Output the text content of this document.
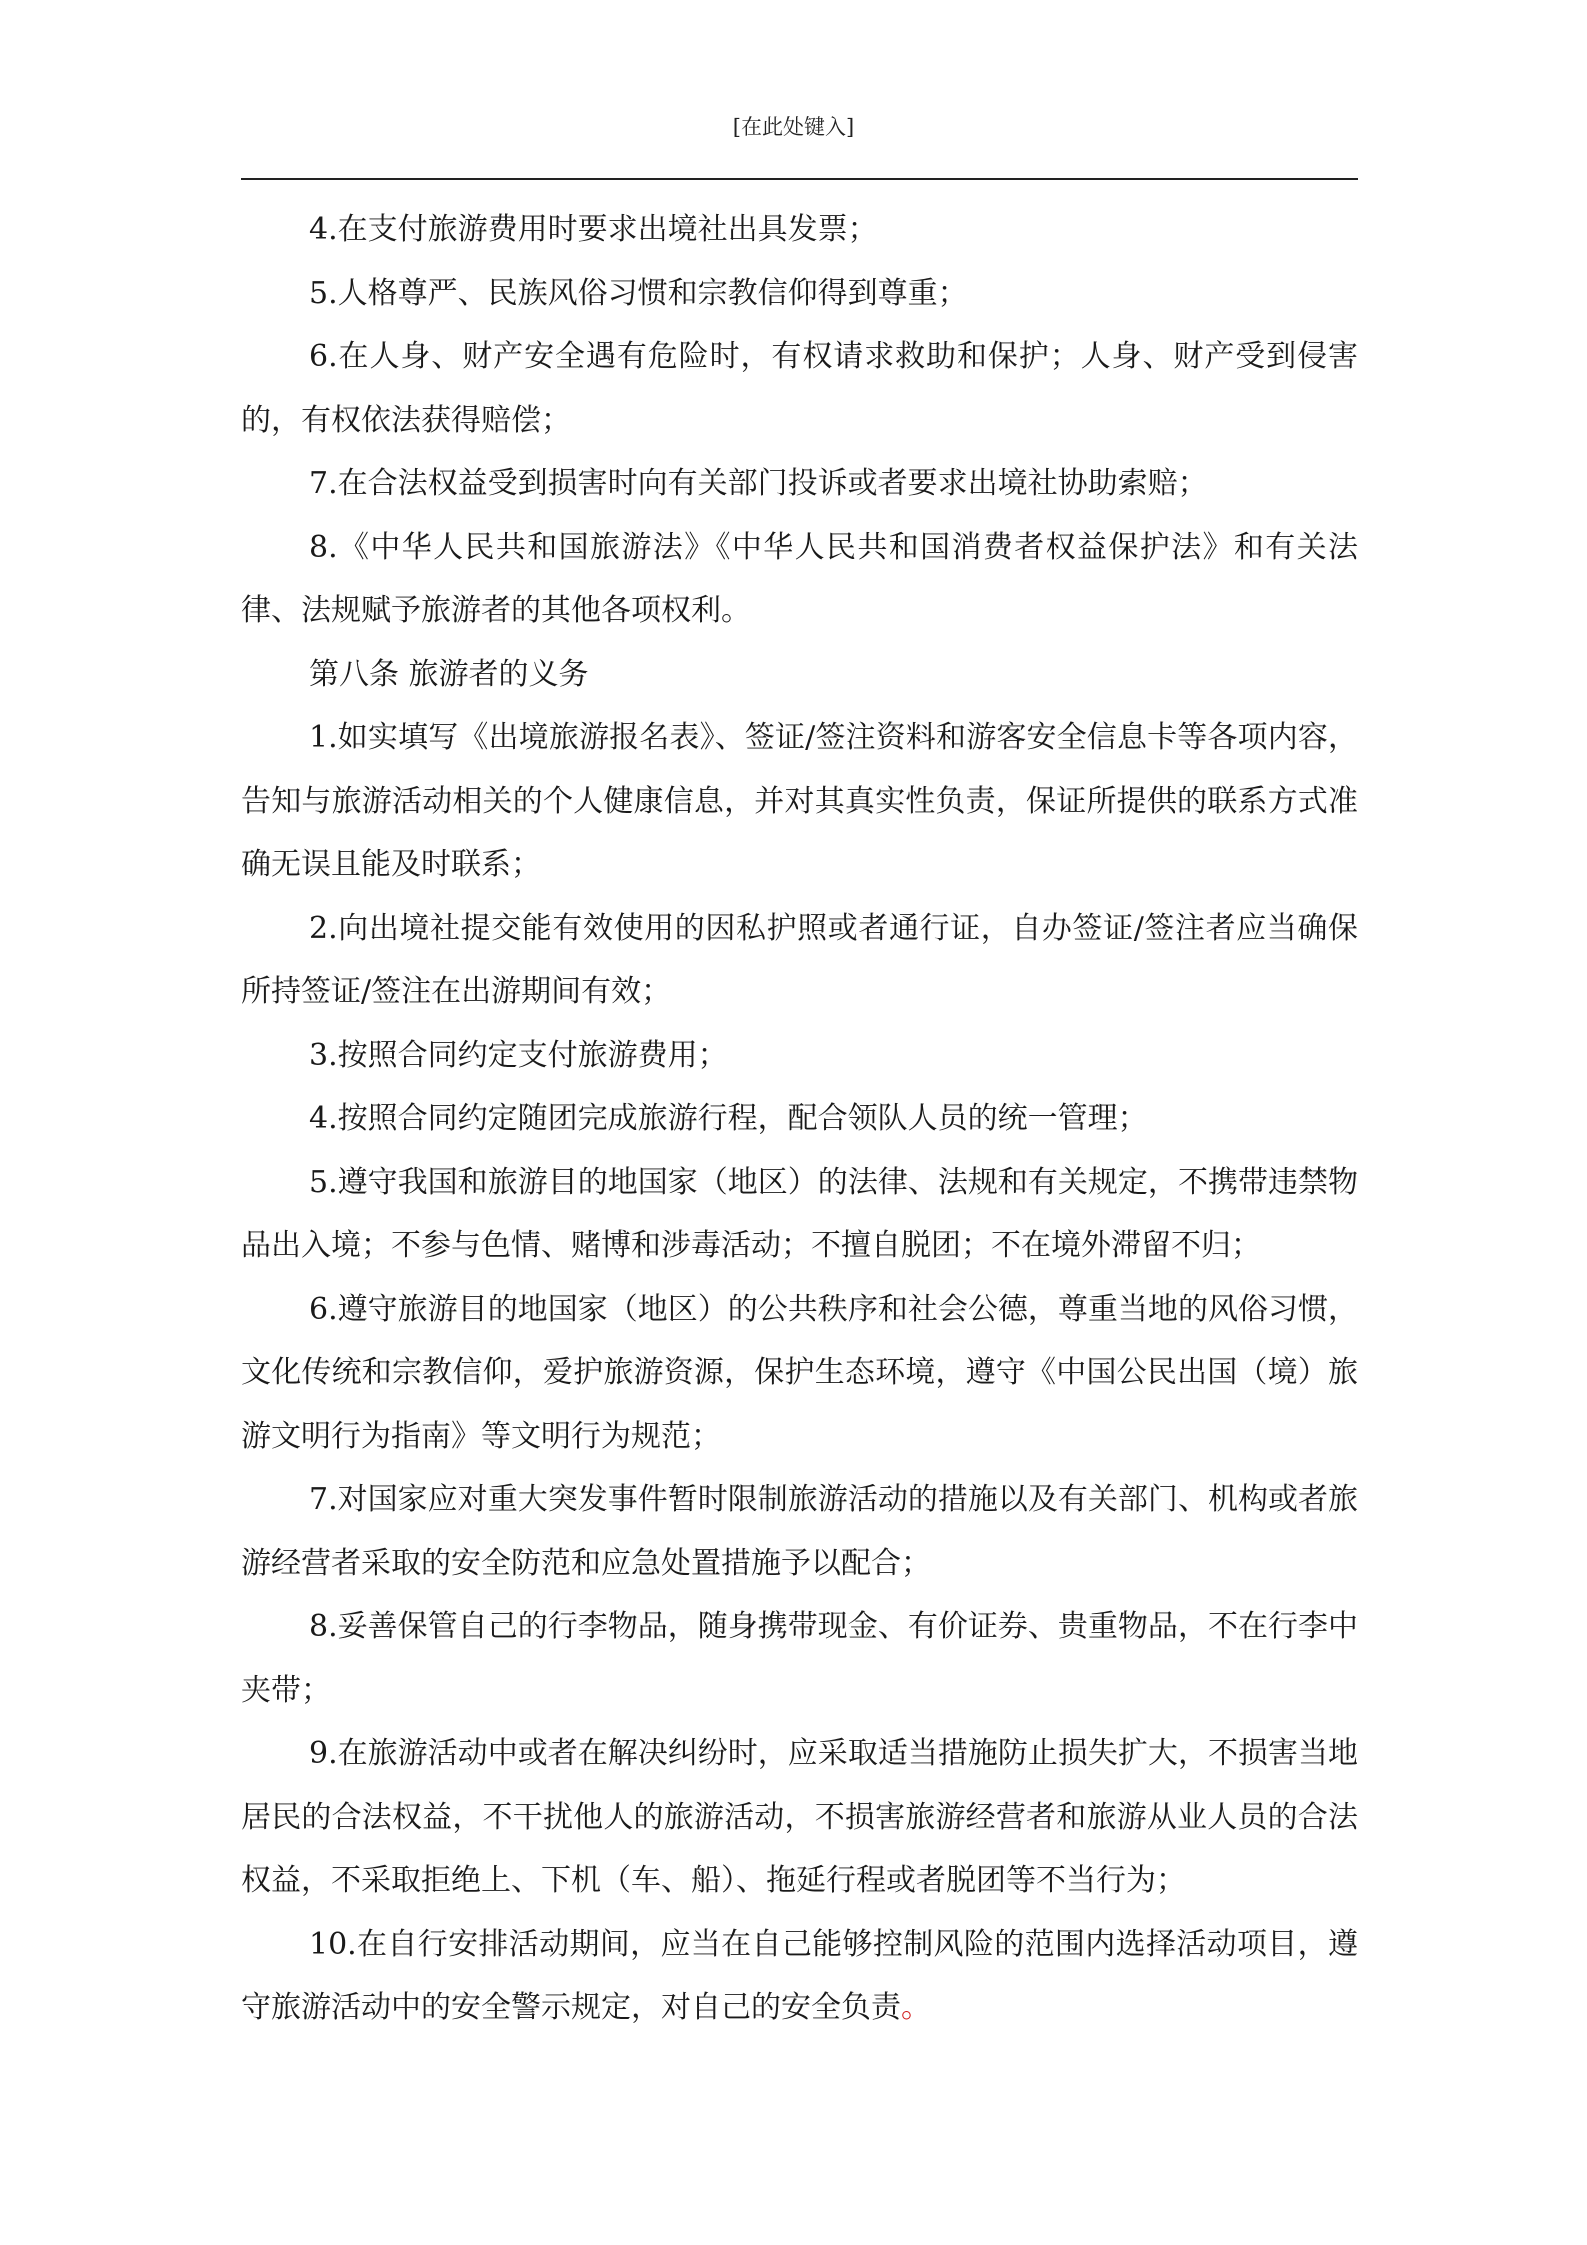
[在此处键入]

4.在支付旅游费用时要求出境社出具发票；

5.人格尊严、民族风俗习惯和宗教信仰得到尊重；

6.在人身、财产安全遇有危险时，有权请求救助和保护；人身、财产受到侵害的，有权依法获得赔偿；

7.在合法权益受到损害时向有关部门投诉或者要求出境社协助索赔；

8.《中华人民共和国旅游法》《中华人民共和国消费者权益保护法》和有关法律、法规赋予旅游者的其他各项权利。

第八条 旅游者的义务

1.如实填写《出境旅游报名表》、签证/签注资料和游客安全信息卡等各项内容，告知与旅游活动相关的个人健康信息，并对其真实性负责，保证所提供的联系方式准确无误且能及时联系；

2.向出境社提交能有效使用的因私护照或者通行证，自办签证/签注者应当确保所持签证/签注在出游期间有效；

3.按照合同约定支付旅游费用；

4.按照合同约定随团完成旅游行程，配合领队人员的统一管理；

5.遵守我国和旅游目的地国家（地区）的法律、法规和有关规定，不携带违禁物品出入境；不参与色情、赌博和涉毒活动；不擅自脱团；不在境外滞留不归；

6.遵守旅游目的地国家（地区）的公共秩序和社会公德，尊重当地的风俗习惯，文化传统和宗教信仰，爱护旅游资源，保护生态环境，遵守《中国公民出国（境）旅游文明行为指南》等文明行为规范；

7.对国家应对重大突发事件暂时限制旅游活动的措施以及有关部门、机构或者旅游经营者采取的安全防范和应急处置措施予以配合；

8.妥善保管自己的行李物品，随身携带现金、有价证券、贵重物品，不在行李中夹带；

9.在旅游活动中或者在解决纠纷时，应采取适当措施防止损失扩大，不损害当地居民的合法权益，不干扰他人的旅游活动，不损害旅游经营者和旅游从业人员的合法权益，不采取拒绝上、下机（车、船）、拖延行程或者脱团等不当行为；

10.在自行安排活动期间，应当在自己能够控制风险的范围内选择活动项目，遵守旅游活动中的安全警示规定，对自己的安全负责。
